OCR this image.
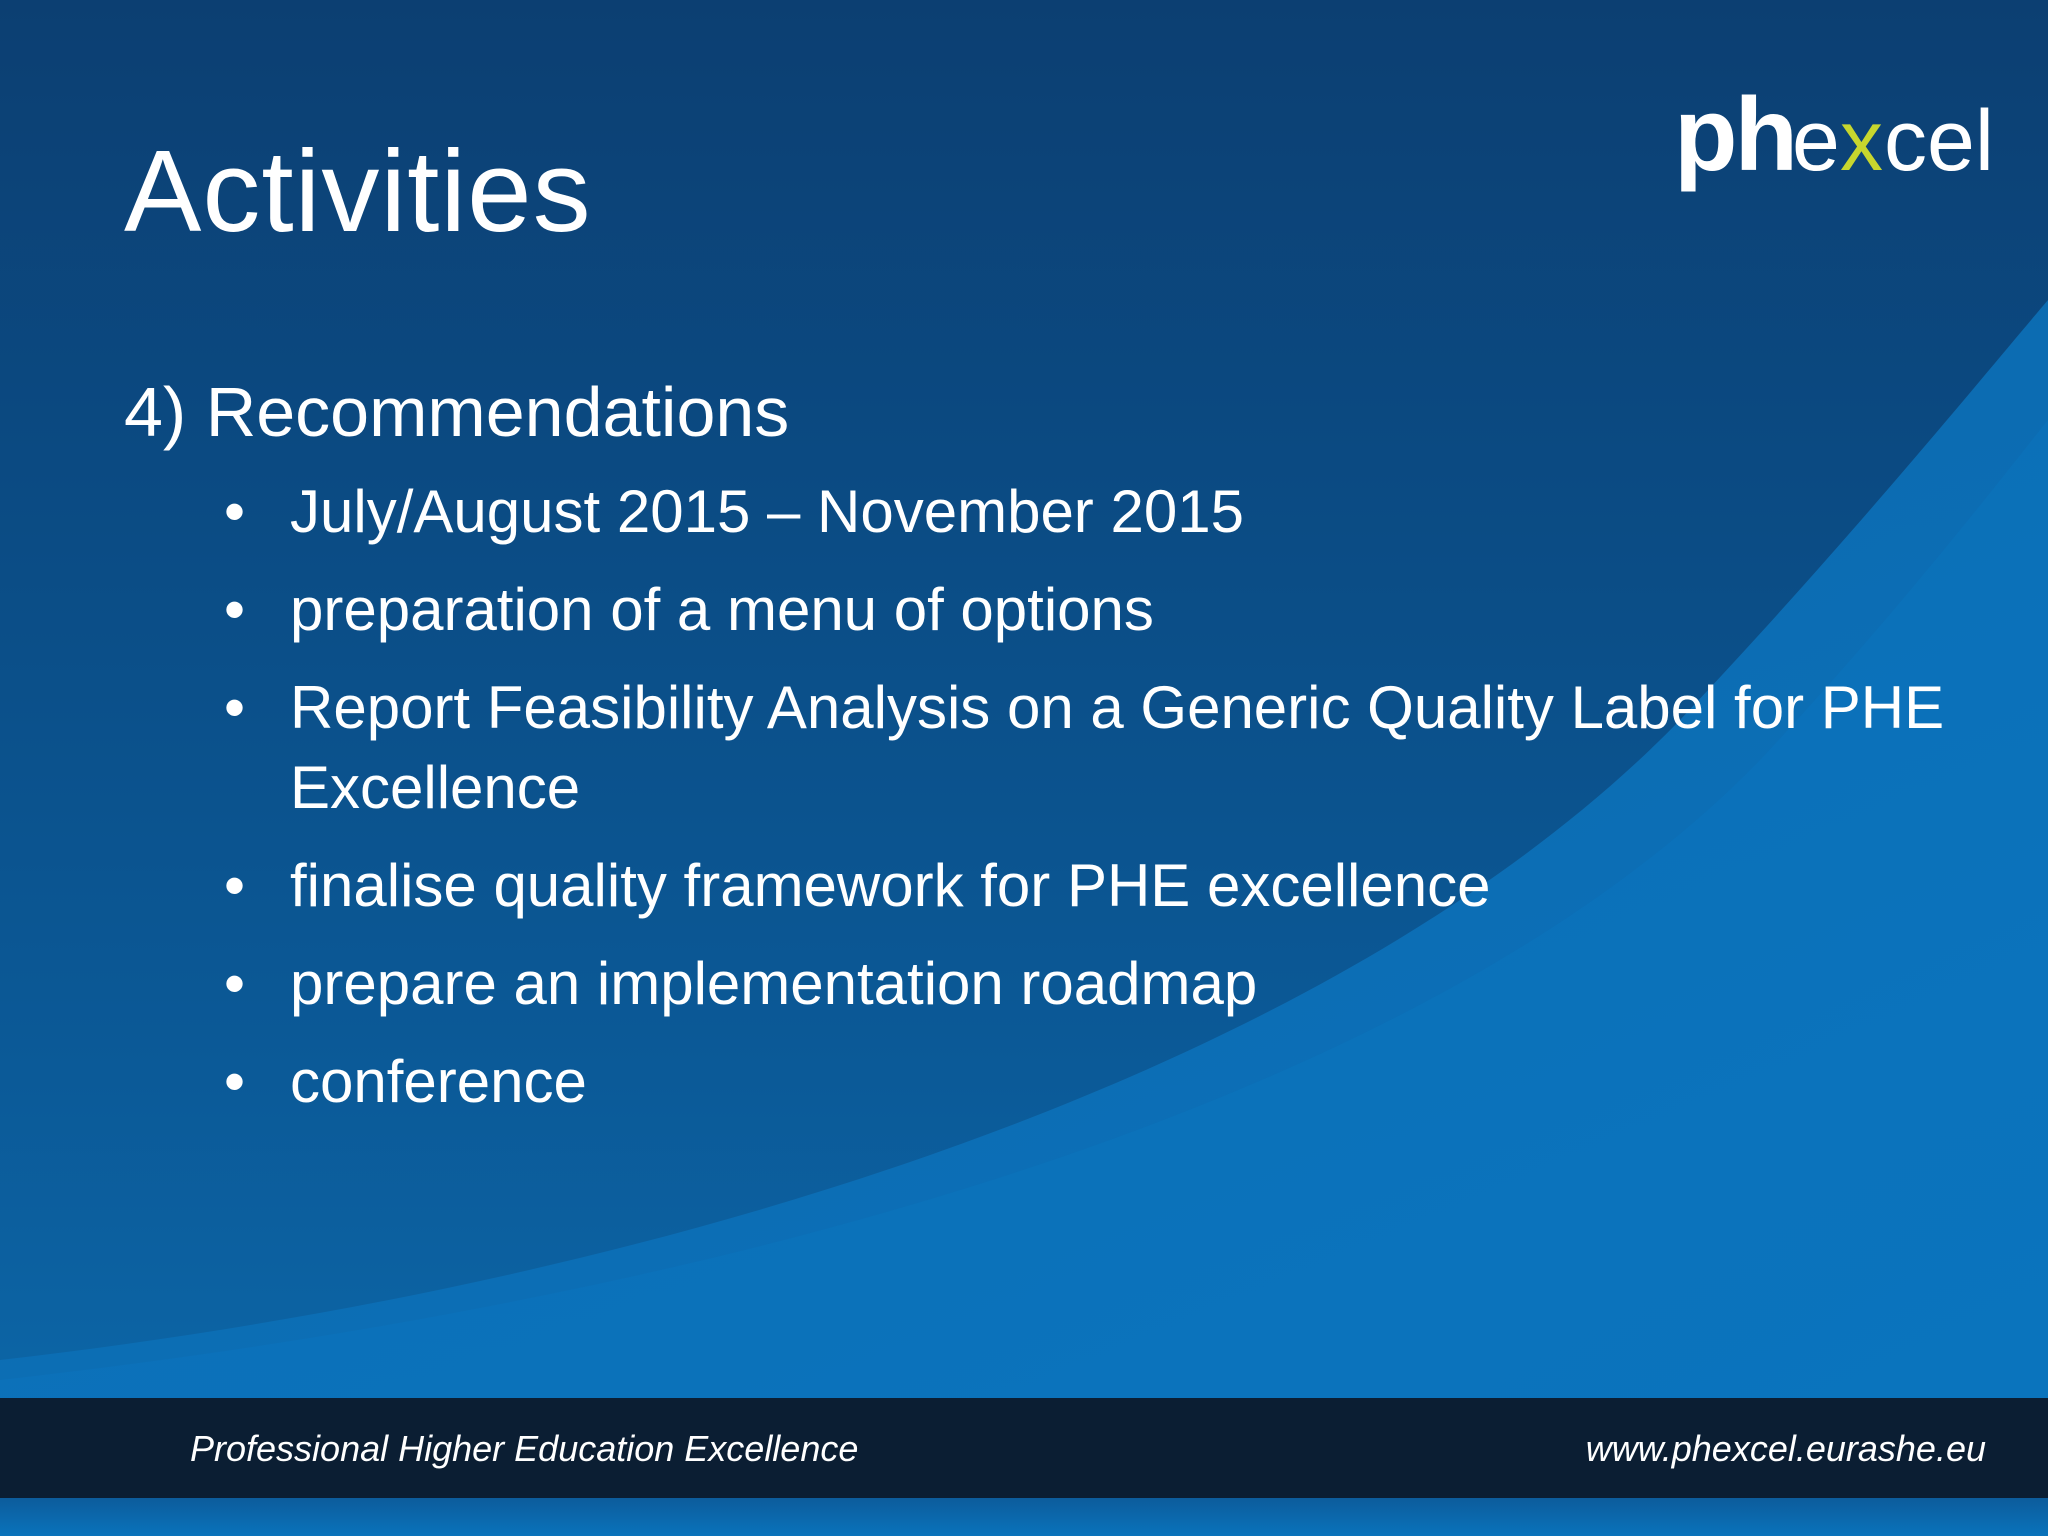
Activities	ph
e x cel
4) Recommendations
• July/August 2015 – November 2015
• preparation of a menu of options
• Report Feasibility Analysis on a Generic Quality Label for PHE Excellence
• finalise quality framework for PHE excellence
• prepare an implementation roadmap
• conference
Professional Higher Education Excellence	www.phexcel.eurashe.eu
